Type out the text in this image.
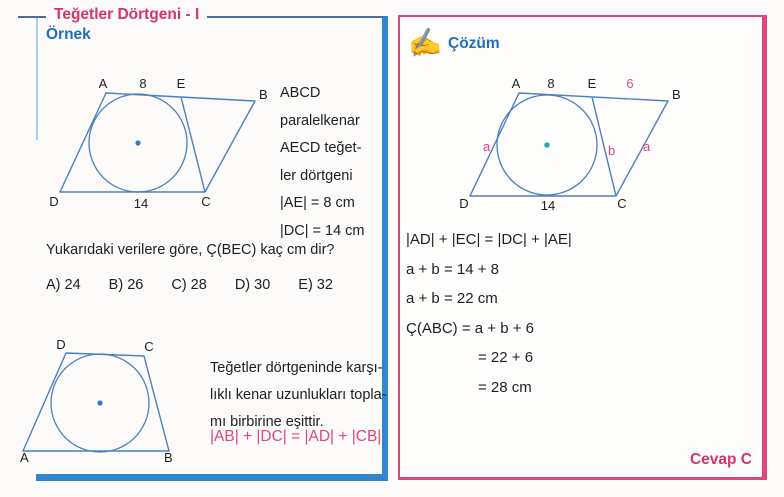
Teğetler Dörtgeni - I
Örnek
A 8 E
B
D	14	C
ABCD
paralelkenar
AECD teğet-
ler dörtgeni
|AE| = 8 cm
|DC| = 14 cm
Yukarıdaki verilere göre, Ç(BEC) kaç cm dir?
A) 24 B) 26 C) 28 D) 30 E) 32
D	C
A	B
Teğetler dörtgeninde karşı-
lıklı kenar uzunlukları topla-
mı birbirine eşittir.
|AB| + |DC| = |AD| + |CB|
✍ Çözüm
A 8	E 6
B
a	b a
D	14	C
|AD| + |EC| = |DC| + |AE|
a + b = 14 + 8
a + b = 22 cm
Ç(ABC) = a + b + 6
= 22 + 6
= 28 cm
Cevap C
